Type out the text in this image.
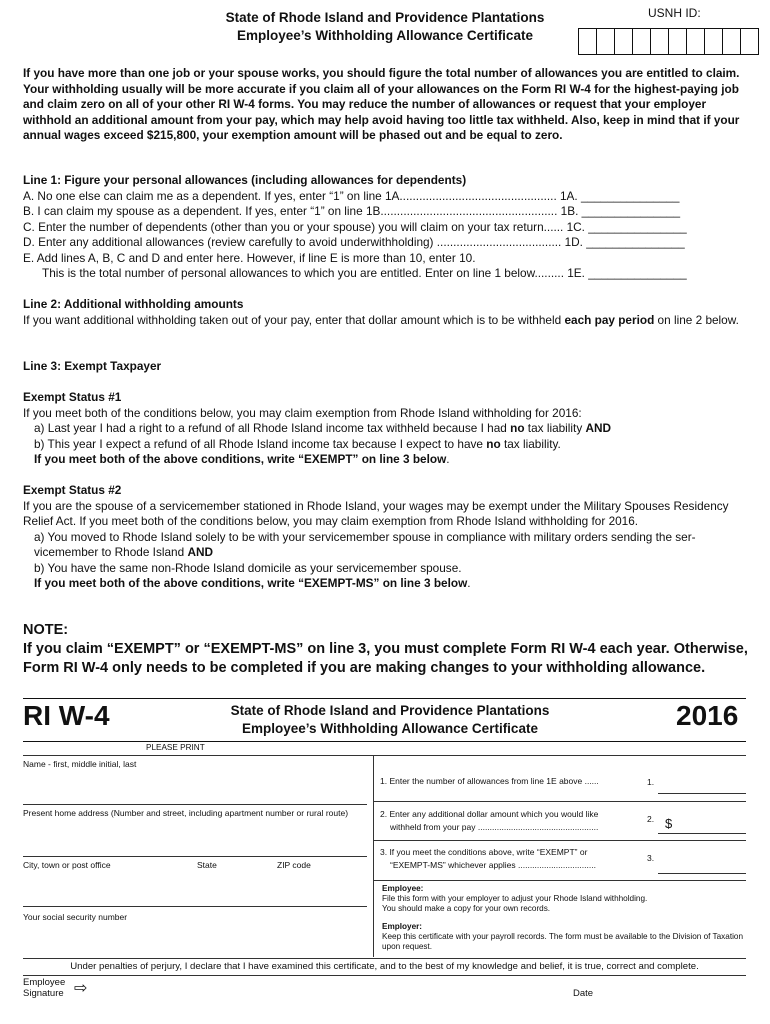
State of Rhode Island and Providence Plantations
Employee’s Withholding Allowance Certificate
USNH ID:
If you have more than one job or your spouse works, you should figure the total number of allowances you are entitled to claim. Your withholding usually will be more accurate if you claim all of your allowances on the Form RI W-4 for the highest-paying job and claim zero on all of your other RI W-4 forms. You may reduce the number of allowances or request that your employer withhold an additional amount from your pay, which may help avoid having too little tax withheld. Also, keep in mind that if your annual wages exceed $215,800, your exemption amount will be phased out and be equal to zero.

Line 1: Figure your personal allowances (including allowances for dependents)

A. No one else can claim me as a dependent. If yes, enter “1” on line 1A................................................ 1A. _______________

B. I can claim my spouse as a dependent. If yes, enter “1” on line 1B...................................................... 1B. _______________

C. Enter the number of dependents (other than you or your spouse) you will claim on your tax return...... 1C. _______________

D. Enter any additional allowances (review carefully to avoid underwithholding) ...................................... 1D. _______________

E. Add lines A, B, C and D and enter here. However, if line E is more than 10, enter 10.

This is the total number of personal allowances to which you are entitled. Enter on line 1 below......... 1E. _______________

Line 2: Additional withholding amounts

If you want additional withholding taken out of your pay, enter that dollar amount which is to be withheld each pay period on line 2 below.

Line 3: Exempt Taxpayer

Exempt Status #1

If you meet both of the conditions below, you may claim exemption from Rhode Island withholding for 2016:

a) Last year I had a right to a refund of all Rhode Island income tax withheld because I had no tax liability AND

b) This year I expect a refund of all Rhode Island income tax because I expect to have no tax liability.

If you meet both of the above conditions, write “EXEMPT” on line 3 below.

Exempt Status #2

If you are the spouse of a servicemember stationed in Rhode Island, your wages may be exempt under the Military Spouses Residency Relief Act. If you meet both of the conditions below, you may claim exemption from Rhode Island withholding for 2016.

a) You moved to Rhode Island solely to be with your servicemember spouse in compliance with military orders sending the ser- vicemember to Rhode Island AND

b) You have the same non-Rhode Island domicile as your servicemember spouse.

If you meet both of the above conditions, write “EXEMPT-MS” on line 3 below.

NOTE:
If you claim “EXEMPT” or “EXEMPT-MS” on line 3, you must complete Form RI W-4 each year. Otherwise, Form RI W-4 only needs to be completed if you are making changes to your withholding allowance.
RI W-4	State of Rhode Island and Providence Plantations
Employee’s Withholding Allowance Certificate	2016
PLEASE PRINT
Name - first, middle initial, last
Present home address (Number and street, including apartment number or rural route)
City, town or post office	State	ZIP code
Your social security number
1. Enter the number of allowances from line 1E above ......	1.
2. Enter any additional dollar amount which you would like
withheld from your pay ...................................................
2. $
3. If you meet the conditions above, write “EXEMPT” or
“EXEMPT-MS” whichever applies .................................
3.
Employee:
File this form with your employer to adjust your Rhode Island withholding.
You should make a copy for your own records.
Employer:
Keep this certificate with your payroll records. The form must be available to the Division of Taxation upon request.
Under penalties of perjury, I declare that I have examined this certificate, and to the best of my knowledge and belief, it is true, correct and complete.
Employee
Signature ⇨	Date
